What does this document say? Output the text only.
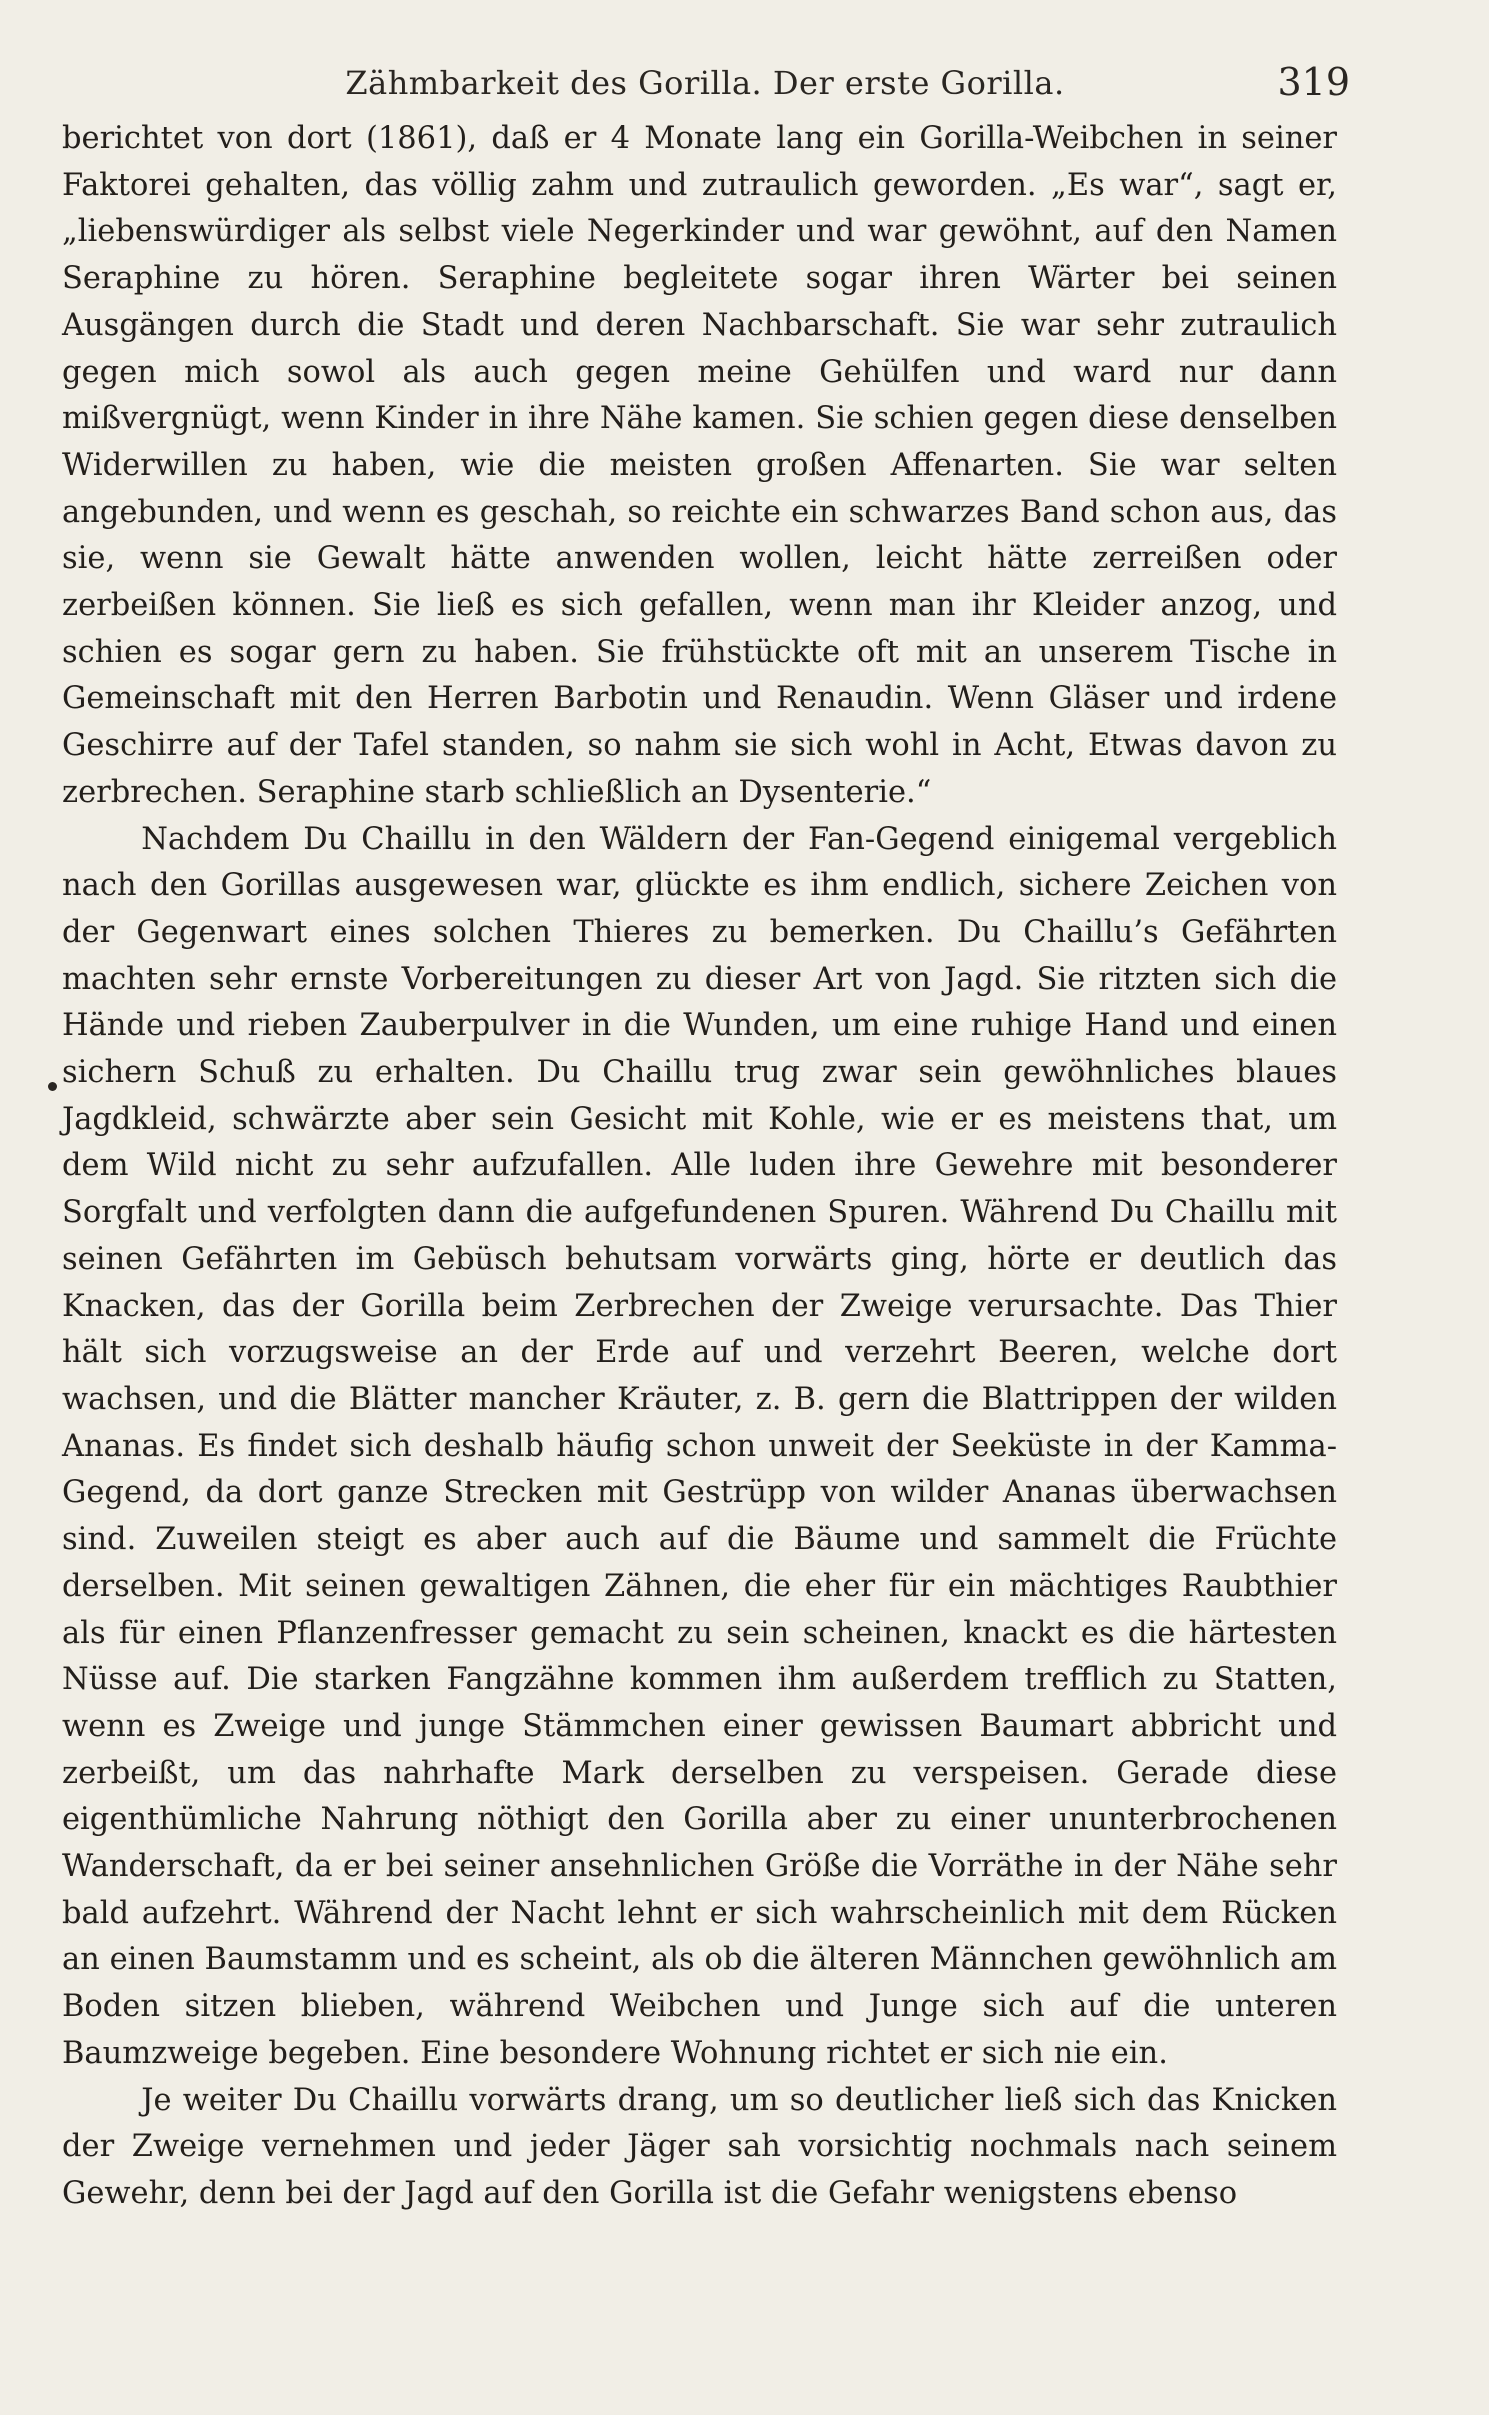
Zähmbarkeit des Gorilla. Der erste Gorilla.	319

berichtet von dort (1861), daß er 4 Monate lang ein Gorilla-Weibchen in seiner Faktorei gehalten, das völlig zahm und zutraulich geworden. „Es war“, sagt er, „liebenswürdiger als selbst viele Negerkinder und war gewöhnt, auf den Namen Seraphine zu hören. Seraphine begleitete sogar ihren Wärter bei seinen Ausgängen durch die Stadt und deren Nachbarschaft. Sie war sehr zutraulich gegen mich sowol als auch gegen meine Gehülfen und ward nur dann mißvergnügt, wenn Kinder in ihre Nähe kamen. Sie schien gegen diese denselben Widerwillen zu haben, wie die meisten großen Affenarten. Sie war selten angebunden, und wenn es geschah, so reichte ein schwarzes Band schon aus, das sie, wenn sie Gewalt hätte anwenden wollen, leicht hätte zerreißen oder zerbeißen können. Sie ließ es sich gefallen, wenn man ihr Kleider anzog, und schien es sogar gern zu haben. Sie frühstückte oft mit an unserem Tische in Gemeinschaft mit den Herren Barbotin und Renaudin. Wenn Gläser und irdene Geschirre auf der Tafel standen, so nahm sie sich wohl in Acht, Etwas davon zu zerbrechen. Seraphine starb schließlich an Dysenterie.“

Nachdem Du Chaillu in den Wäldern der Fan-Gegend einigemal vergeblich nach den Gorillas ausgewesen war, glückte es ihm endlich, sichere Zeichen von der Gegenwart eines solchen Thieres zu bemerken. Du Chaillu’s Gefährten machten sehr ernste Vorbereitungen zu dieser Art von Jagd. Sie ritzten sich die Hände und rieben Zauberpulver in die Wunden, um eine ruhige Hand und einen sichern Schuß zu erhalten. Du Chaillu trug zwar sein gewöhnliches blaues Jagdkleid, schwärzte aber sein Gesicht mit Kohle, wie er es meistens that, um dem Wild nicht zu sehr aufzufallen. Alle luden ihre Gewehre mit besonderer Sorgfalt und verfolgten dann die aufgefundenen Spuren. Während Du Chaillu mit seinen Gefährten im Gebüsch behutsam vorwärts ging, hörte er deutlich das Knacken, das der Gorilla beim Zerbrechen der Zweige verursachte. Das Thier hält sich vorzugsweise an der Erde auf und verzehrt Beeren, welche dort wachsen, und die Blätter mancher Kräuter, z. B. gern die Blattrippen der wilden Ananas. Es findet sich deshalb häufig schon unweit der Seeküste in der Kamma-Gegend, da dort ganze Strecken mit Gestrüpp von wilder Ananas überwachsen sind. Zuweilen steigt es aber auch auf die Bäume und sammelt die Früchte derselben. Mit seinen gewaltigen Zähnen, die eher für ein mächtiges Raubthier als für einen Pflanzenfresser gemacht zu sein scheinen, knackt es die härtesten Nüsse auf. Die starken Fangzähne kommen ihm außerdem trefflich zu Statten, wenn es Zweige und junge Stämmchen einer gewissen Baumart abbricht und zerbeißt, um das nahrhafte Mark derselben zu verspeisen. Gerade diese eigenthümliche Nahrung nöthigt den Gorilla aber zu einer ununterbrochenen Wanderschaft, da er bei seiner ansehnlichen Größe die Vorräthe in der Nähe sehr bald aufzehrt. Während der Nacht lehnt er sich wahrscheinlich mit dem Rücken an einen Baumstamm und es scheint, als ob die älteren Männchen gewöhnlich am Boden sitzen blieben, während Weibchen und Junge sich auf die unteren Baumzweige begeben. Eine besondere Wohnung richtet er sich nie ein.

Je weiter Du Chaillu vorwärts drang, um so deutlicher ließ sich das Knicken der Zweige vernehmen und jeder Jäger sah vorsichtig nochmals nach seinem Gewehr, denn bei der Jagd auf den Gorilla ist die Gefahr wenigstens ebenso
